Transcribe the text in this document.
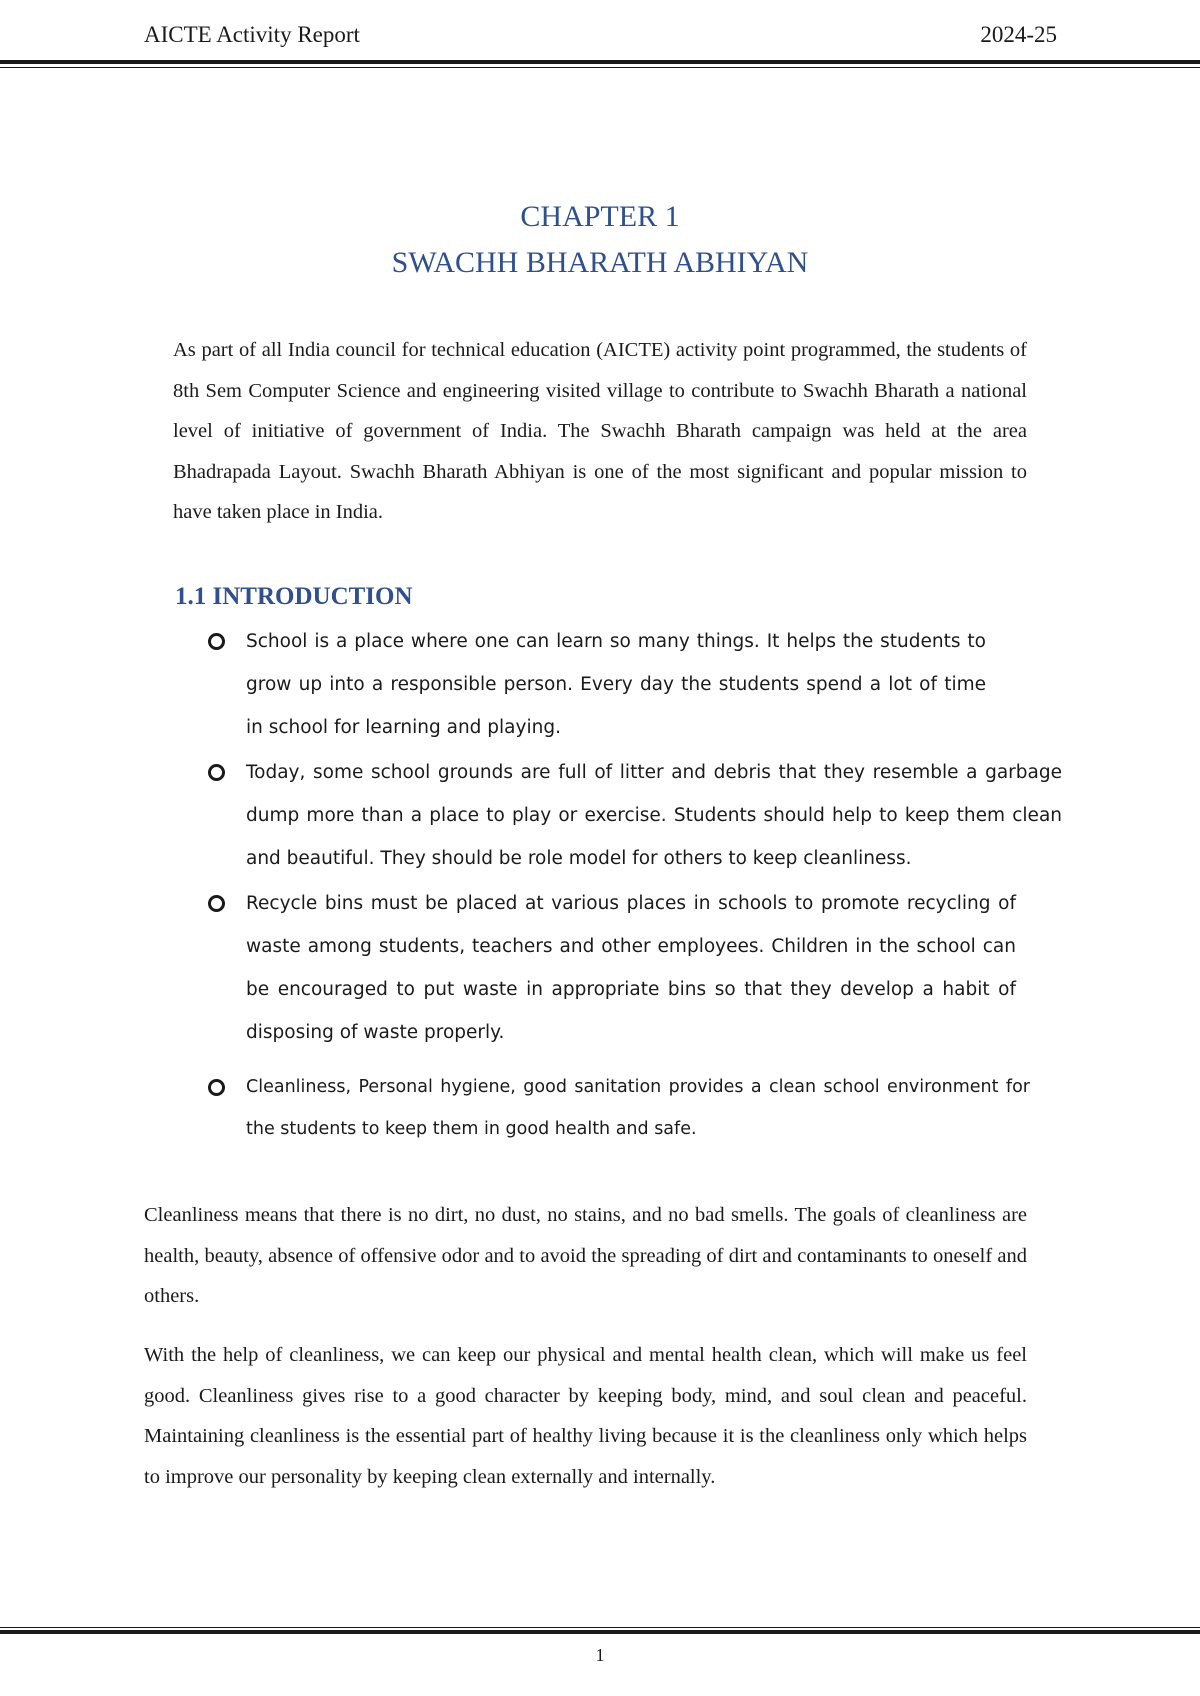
AICTE Activity Report	2024-25
CHAPTER 1
SWACHH BHARATH ABHIYAN
As part of all India council for technical education (AICTE) activity point programmed, the students of 8th Sem Computer Science and engineering visited village to contribute to Swachh Bharath a national level of initiative of government of India. The Swachh Bharath campaign was held at the area Bhadrapada Layout. Swachh Bharath Abhiyan is one of the most significant and popular mission to have taken place in India.
1.1 INTRODUCTION
School is a place where one can learn so many things. It helps the students to grow up into a responsible person. Every day the students spend a lot of time in school for learning and playing.
Today, some school grounds are full of litter and debris that they resemble a garbage dump more than a place to play or exercise. Students should help to keep them clean and beautiful. They should be role model for others to keep cleanliness.
Recycle bins must be placed at various places in schools to promote recycling of waste among students, teachers and other employees. Children in the school can be encouraged to put waste in appropriate bins so that they develop a habit of disposing of waste properly.
Cleanliness, Personal hygiene, good sanitation provides a clean school environment for the students to keep them in good health and safe.
Cleanliness means that there is no dirt, no dust, no stains, and no bad smells. The goals of cleanliness are health, beauty, absence of offensive odor and to avoid the spreading of dirt and contaminants to oneself and others.
With the help of cleanliness, we can keep our physical and mental health clean, which will make us feel good. Cleanliness gives rise to a good character by keeping body, mind, and soul clean and peaceful. Maintaining cleanliness is the essential part of healthy living because it is the cleanliness only which helps to improve our personality by keeping clean externally and internally.
1
